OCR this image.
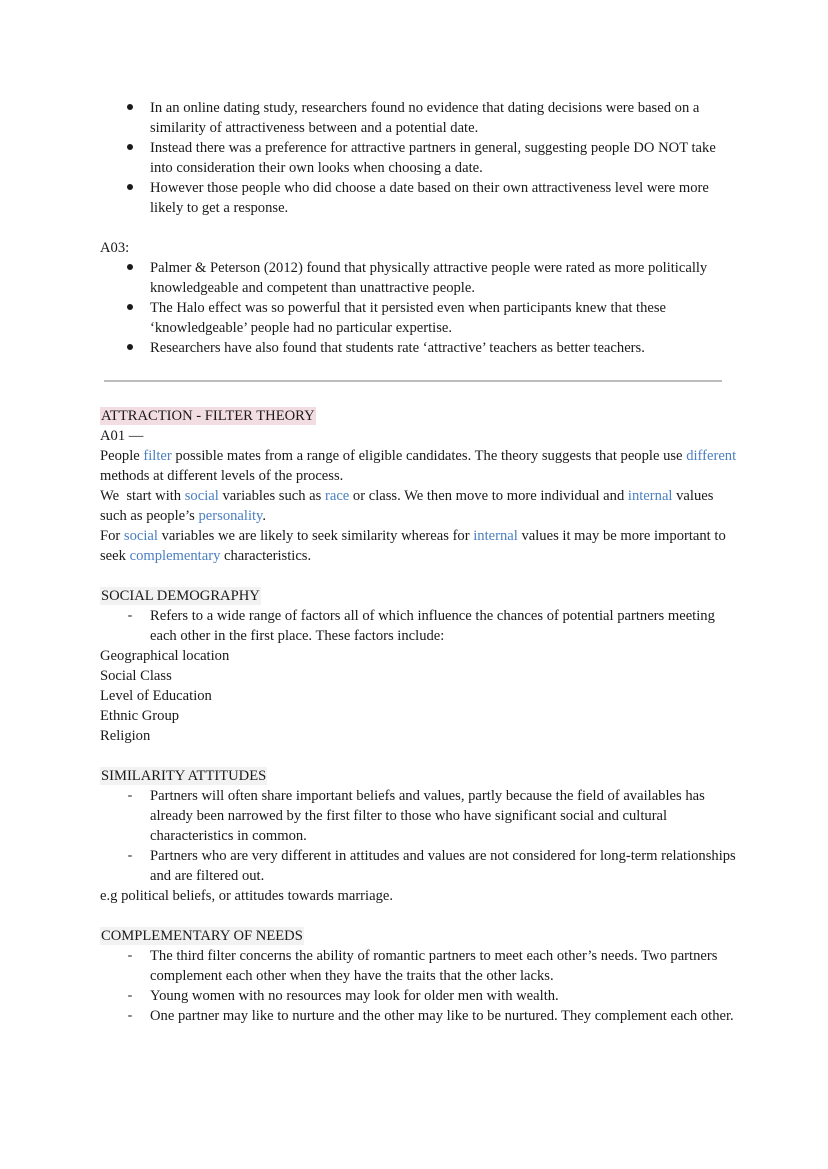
In an online dating study, researchers found no evidence that dating decisions were based on a similarity of attractiveness between and a potential date.
Instead there was a preference for attractive partners in general, suggesting people DO NOT take into consideration their own looks when choosing a date.
However those people who did choose a date based on their own attractiveness level were more likely to get a response.

A03:

Palmer & Peterson (2012) found that physically attractive people were rated as more politically knowledgeable and competent than unattractive people.
The Halo effect was so powerful that it persisted even when participants knew that these ‘knowledgeable’ people had no particular expertise.
Researchers have also found that students rate ‘attractive’ teachers as better teachers.

ATTRACTION - FILTER THEORY

A01 —

People filter possible mates from a range of eligible candidates. The theory suggests that people use different methods at different levels of the process.

We  start with social variables such as race or class. We then move to more individual and internal values such as people’s personality.

For social variables we are likely to seek similarity whereas for internal values it may be more important to seek complementary characteristics.

SOCIAL DEMOGRAPHY

- Refers to a wide range of factors all of which influence the chances of potential partners meeting each other in the first place. These factors include:
Geographical location
Social Class
Level of Education
Ethnic Group
Religion

SIMILARITY ATTITUDES

- Partners will often share important beliefs and values, partly because the field of availables has already been narrowed by the first filter to those who have significant social and cultural characteristics in common.
- Partners who are very different in attitudes and values are not considered for long-term relationships and are filtered out.

e.g political beliefs, or attitudes towards marriage.

COMPLEMENTARY OF NEEDS

- The third filter concerns the ability of romantic partners to meet each other’s needs. Two partners complement each other when they have the traits that the other lacks.
- Young women with no resources may look for older men with wealth.
- One partner may like to nurture and the other may like to be nurtured. They complement each other.
